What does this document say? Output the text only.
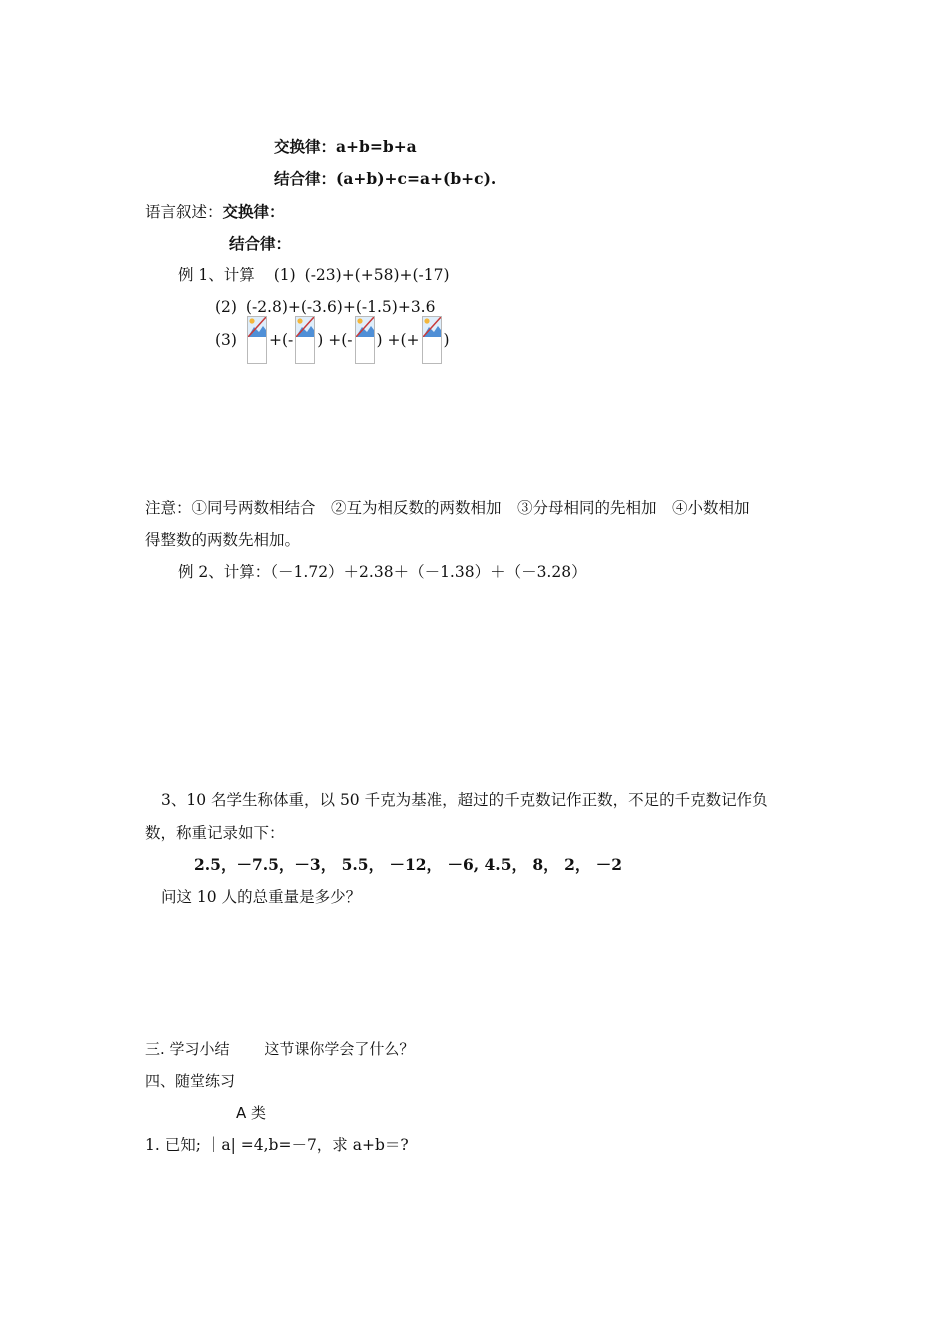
交换律：a+b=b+a
结合律：(a+b)+c=a+(b+c).
语言叙述：交换律：
结合律：
例 1、计算 (1) (-23)+(+58)+(-17)
(2) (-2.8)+(-3.6)+(-1.5)+3.6
(3) +(- ) +(- ) +(+ )
注意：①同号两数相结合　②互为相反数的两数相加　③分母相同的先相加　④小数相加
得整数的两数先相加。
例 2、计算：（－1.72）＋2.38＋（－1.38）＋（－3.28）
3、10 名学生称体重，以 50 千克为基准，超过的千克数记作正数，不足的千克数记作负
数，称重记录如下：
2.5，－7.5，－3， 5.5， －12， －6, 4.5， 8， 2， －2
问这 10 人的总重量是多少？
三. 学习小结 这节课你学会了什么？
四、随堂练习
A 类
1. 已知; ｜a| =4,b=－7，求 a+b＝?
